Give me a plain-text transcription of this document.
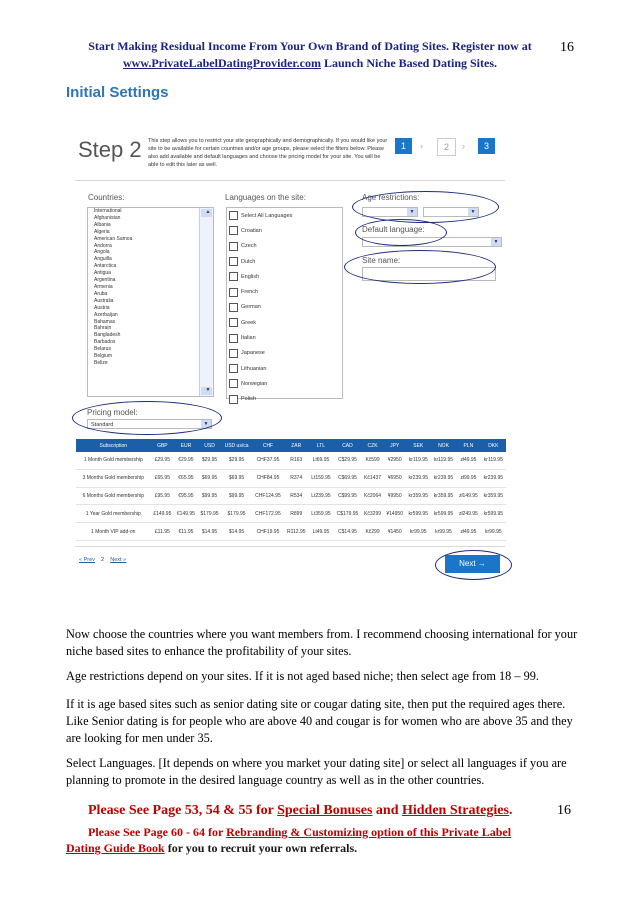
Start Making Residual Income From Your Own Brand of Dating Sites. Register now at
www.PrivateLabelDatingProvider.com Launch Niche Based Dating Sites.
16
Initial Settings
Step 2 This step allows you to restrict your site geographically and demographically. If you would like your site to be available for certain countries and/or age groups, please select the filters below. Please also add available and default languages and choose the pricing model for your site. You will be able to edit this later as well.
1	›	2	›	3
Countries:
International
Afghanistan
Albania
Algeria
American Samoa
Andorra
Angola
Anguilla
Antarctica
Antigua
Argentina
Armenia
Aruba
Australia
Austria
Azerbaijan
Bahamas
Bahrain
Bangladesh
Barbados
Belarus
Belgium
Belize
▲
▼
Languages on the site:
Select All Languages
Croatian
Czech
Dutch
English
French
German
Greek
Italian
Japanese
Lithuanian
Norwegian
Polish
Age restrictions:
▼	▼
Default language:
▼
Site name:
Pricing model:
Standard	▼
Subscription	GBP	EUR	USD	USD us/ca	CHF	ZAR	LTL	CAD	CZK	JPY	SEK	NOK	PLN	DKK
1 Month Gold membership	£29.95	€29.95	$29.95	$29.95	CHF37.95	R163	Lt69.95	C$29.95	Kč599	¥2950	kr119.95	kr119.95	zł49.95	kr119.95
3 Months Gold membership	£65.95	€65.95	$69.95	$69.95	CHF84.95	R374	Lt159.95	C$69.95	Kč1437	¥6950	kr239.95	kr239.95	zł99.95	kr239.95
6 Months Gold membership	£95.95	€95.95	$99.95	$99.95	CHF124.95	R534	Lt239.95	C$99.95	Kč2064	¥9950	kr359.95	kr359.95	zł149.95	kr359.95
1 Year Gold membership	£149.95	€149.95	$179.95	$179.95	CHF172.95	R899	Lt359.95	C$179.95	Kč3299	¥14950	kr599.95	kr599.95	zł249.95	kr599.95
1 Month VIP add-on	£11.95	€11.95	$14.95	$14.95	CHF19.95	R112.95	Lt49.95	C$14.95	Kč299	¥1450	kr99.95	kr99.95	zł49.95	kr99.95
« Prev 2 Next »	Next →
Now choose the countries where you want members from. I recommend choosing international for your niche based sites to enhance the profitability of your sites.
Age restrictions depend on your sites. If it is not aged based niche; then select age from 18 – 99.
If it is age based sites such as senior dating site or cougar dating site, then put the required ages there. Like Senior dating is for people who are above 40 and cougar is for women who are above 35 and they are looking for men under 35.
Select Languages. [It depends on where you market your dating site] or select all languages if you are planning to promote in the desired language country as well as in the other countries.
Please See Page 53, 54 & 55 for Special Bonuses and Hidden Strategies.	16
Please See Page 60 - 64 for Rebranding & Customizing option of this Private Label Dating Guide Book for you to recruit your own referrals.
